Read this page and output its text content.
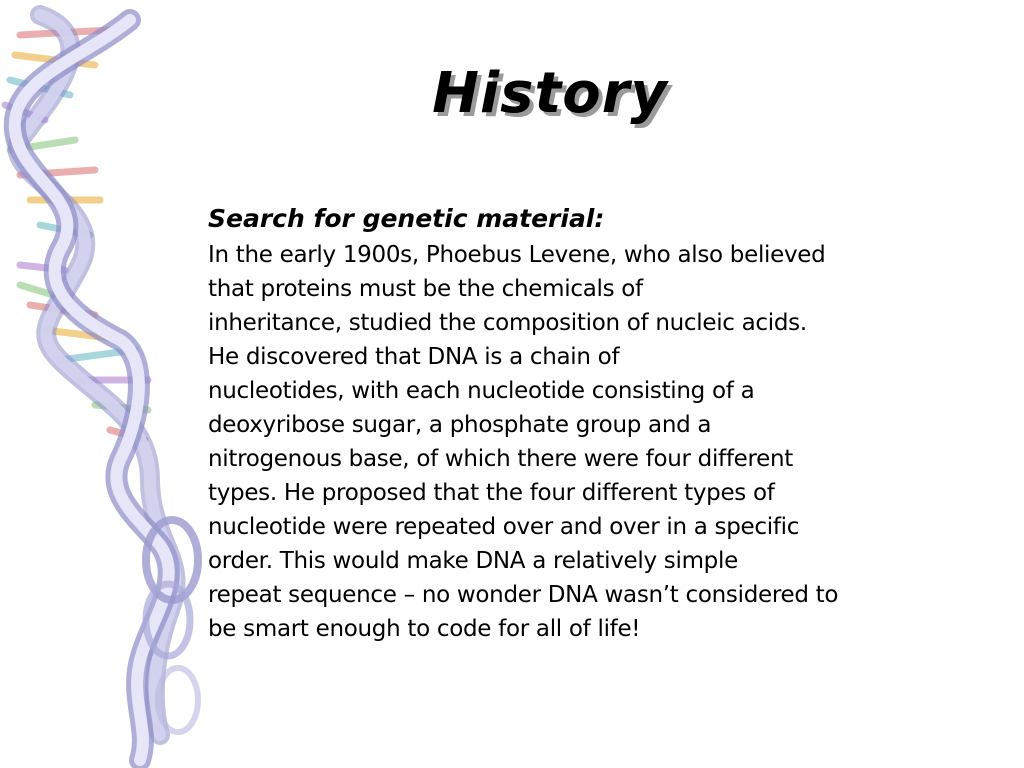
History

Search for genetic material:

In the early 1900s, Phoebus Levene, who also believed
that proteins must be the chemicals of
inheritance, studied the composition of nucleic acids.
He discovered that DNA is a chain of
nucleotides, with each nucleotide consisting of a
deoxyribose sugar, a phosphate group and a
nitrogenous base, of which there were four different
types. He proposed that the four different types of
nucleotide were repeated over and over in a specific
order. This would make DNA a relatively simple
repeat sequence – no wonder DNA wasn’t considered to
be smart enough to code for all of life!
